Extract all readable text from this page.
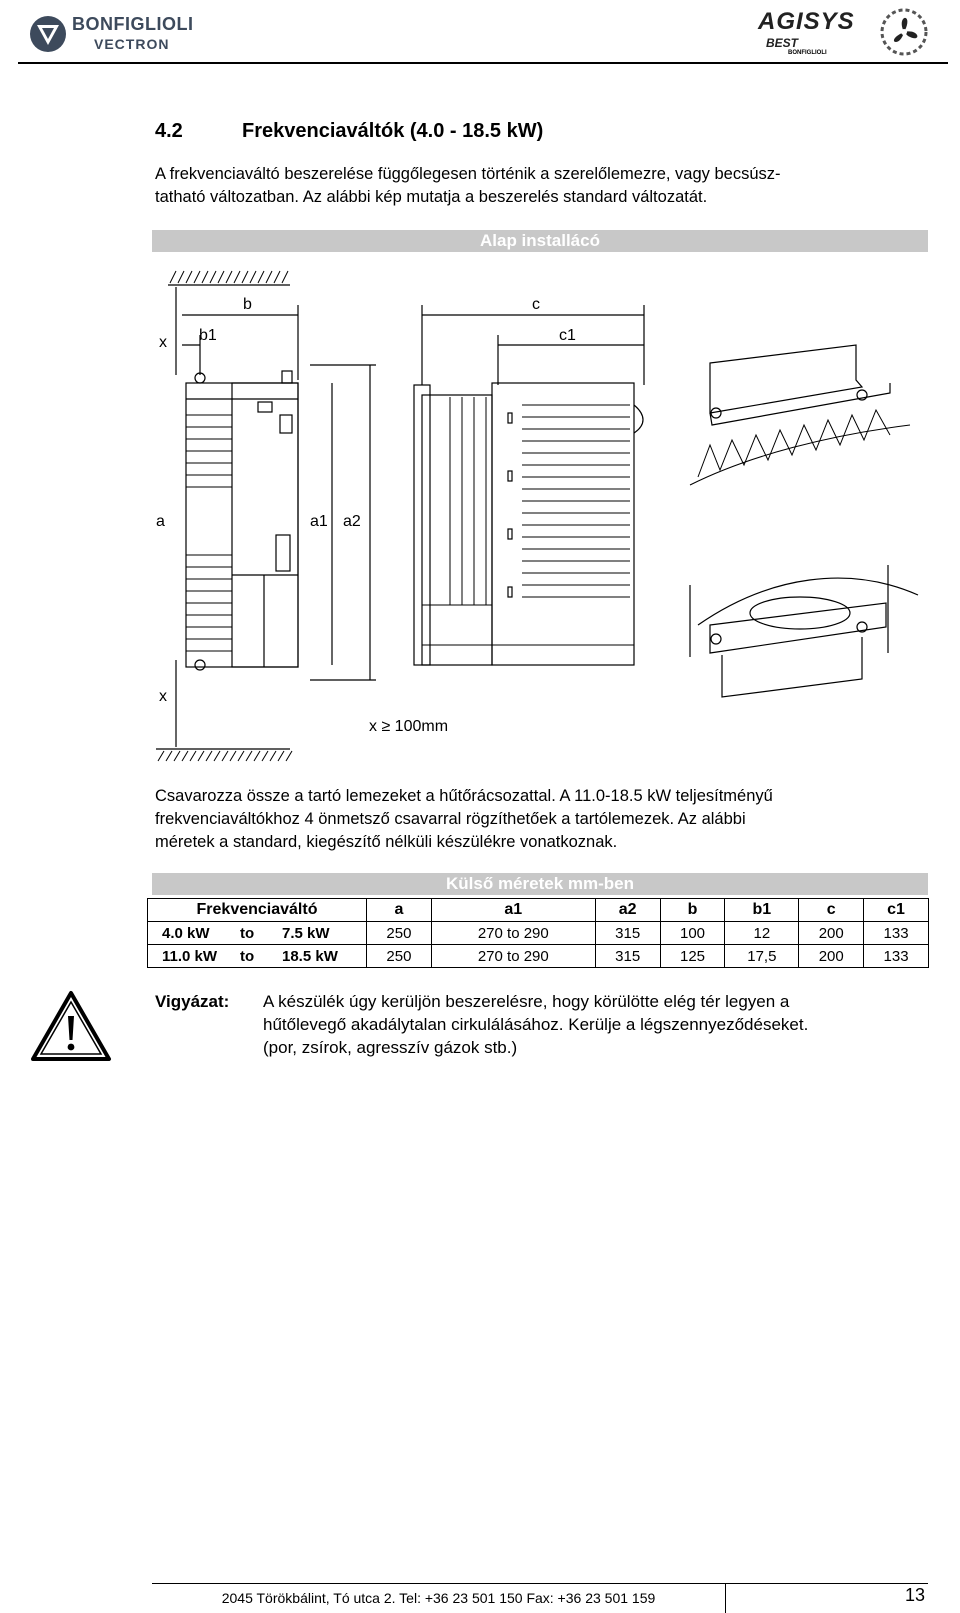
BONFIGLIOLI
VECTRON
AGISYS
BEST
BONFIGLIOLI
4.2	Frekvenciaváltók (4.0 - 18.5 kW)
A frekvenciaváltó beszerelése függőlegesen történik a szerelőlemezre, vagy becsúsz-
tatható változatban. Az alábbi kép mutatja a beszerelés standard változatát.
Alap installácó
x
b
b1
c
c1
a	a1 a2
x
x ≥ 100mm
Csavarozza össze a tartó lemezeket a hűtőrácsozattal. A 11.0-18.5 kW teljesítményű
frekvenciaváltókhoz 4 önmetsző csavarral rögzíthetőek a tartólemezek. Az alábbi
méretek a standard, kiegészítő nélküli készülékre vonatkoznak.
Külső méretek mm-ben
Frekvenciaváltó	a	a1	a2	b	b1	c	c1
4.0 kW to 7.5 kW	250	270 to 290	315	100	12	200	133
11.0 kW to 18.5 kW	250	270 to 290	315	125	17,5	200	133
Vigyázat: A készülék úgy kerüljön beszerelésre, hogy körülötte elég tér legyen a
hűtőlevegő akadálytalan cirkulálásához. Kerülje a légszennyeződéseket.
(por, zsírok, agresszív gázok stb.)
2045 Törökbálint, Tó utca 2. Tel: +36 23 501 150 Fax: +36 23 501 159	13
